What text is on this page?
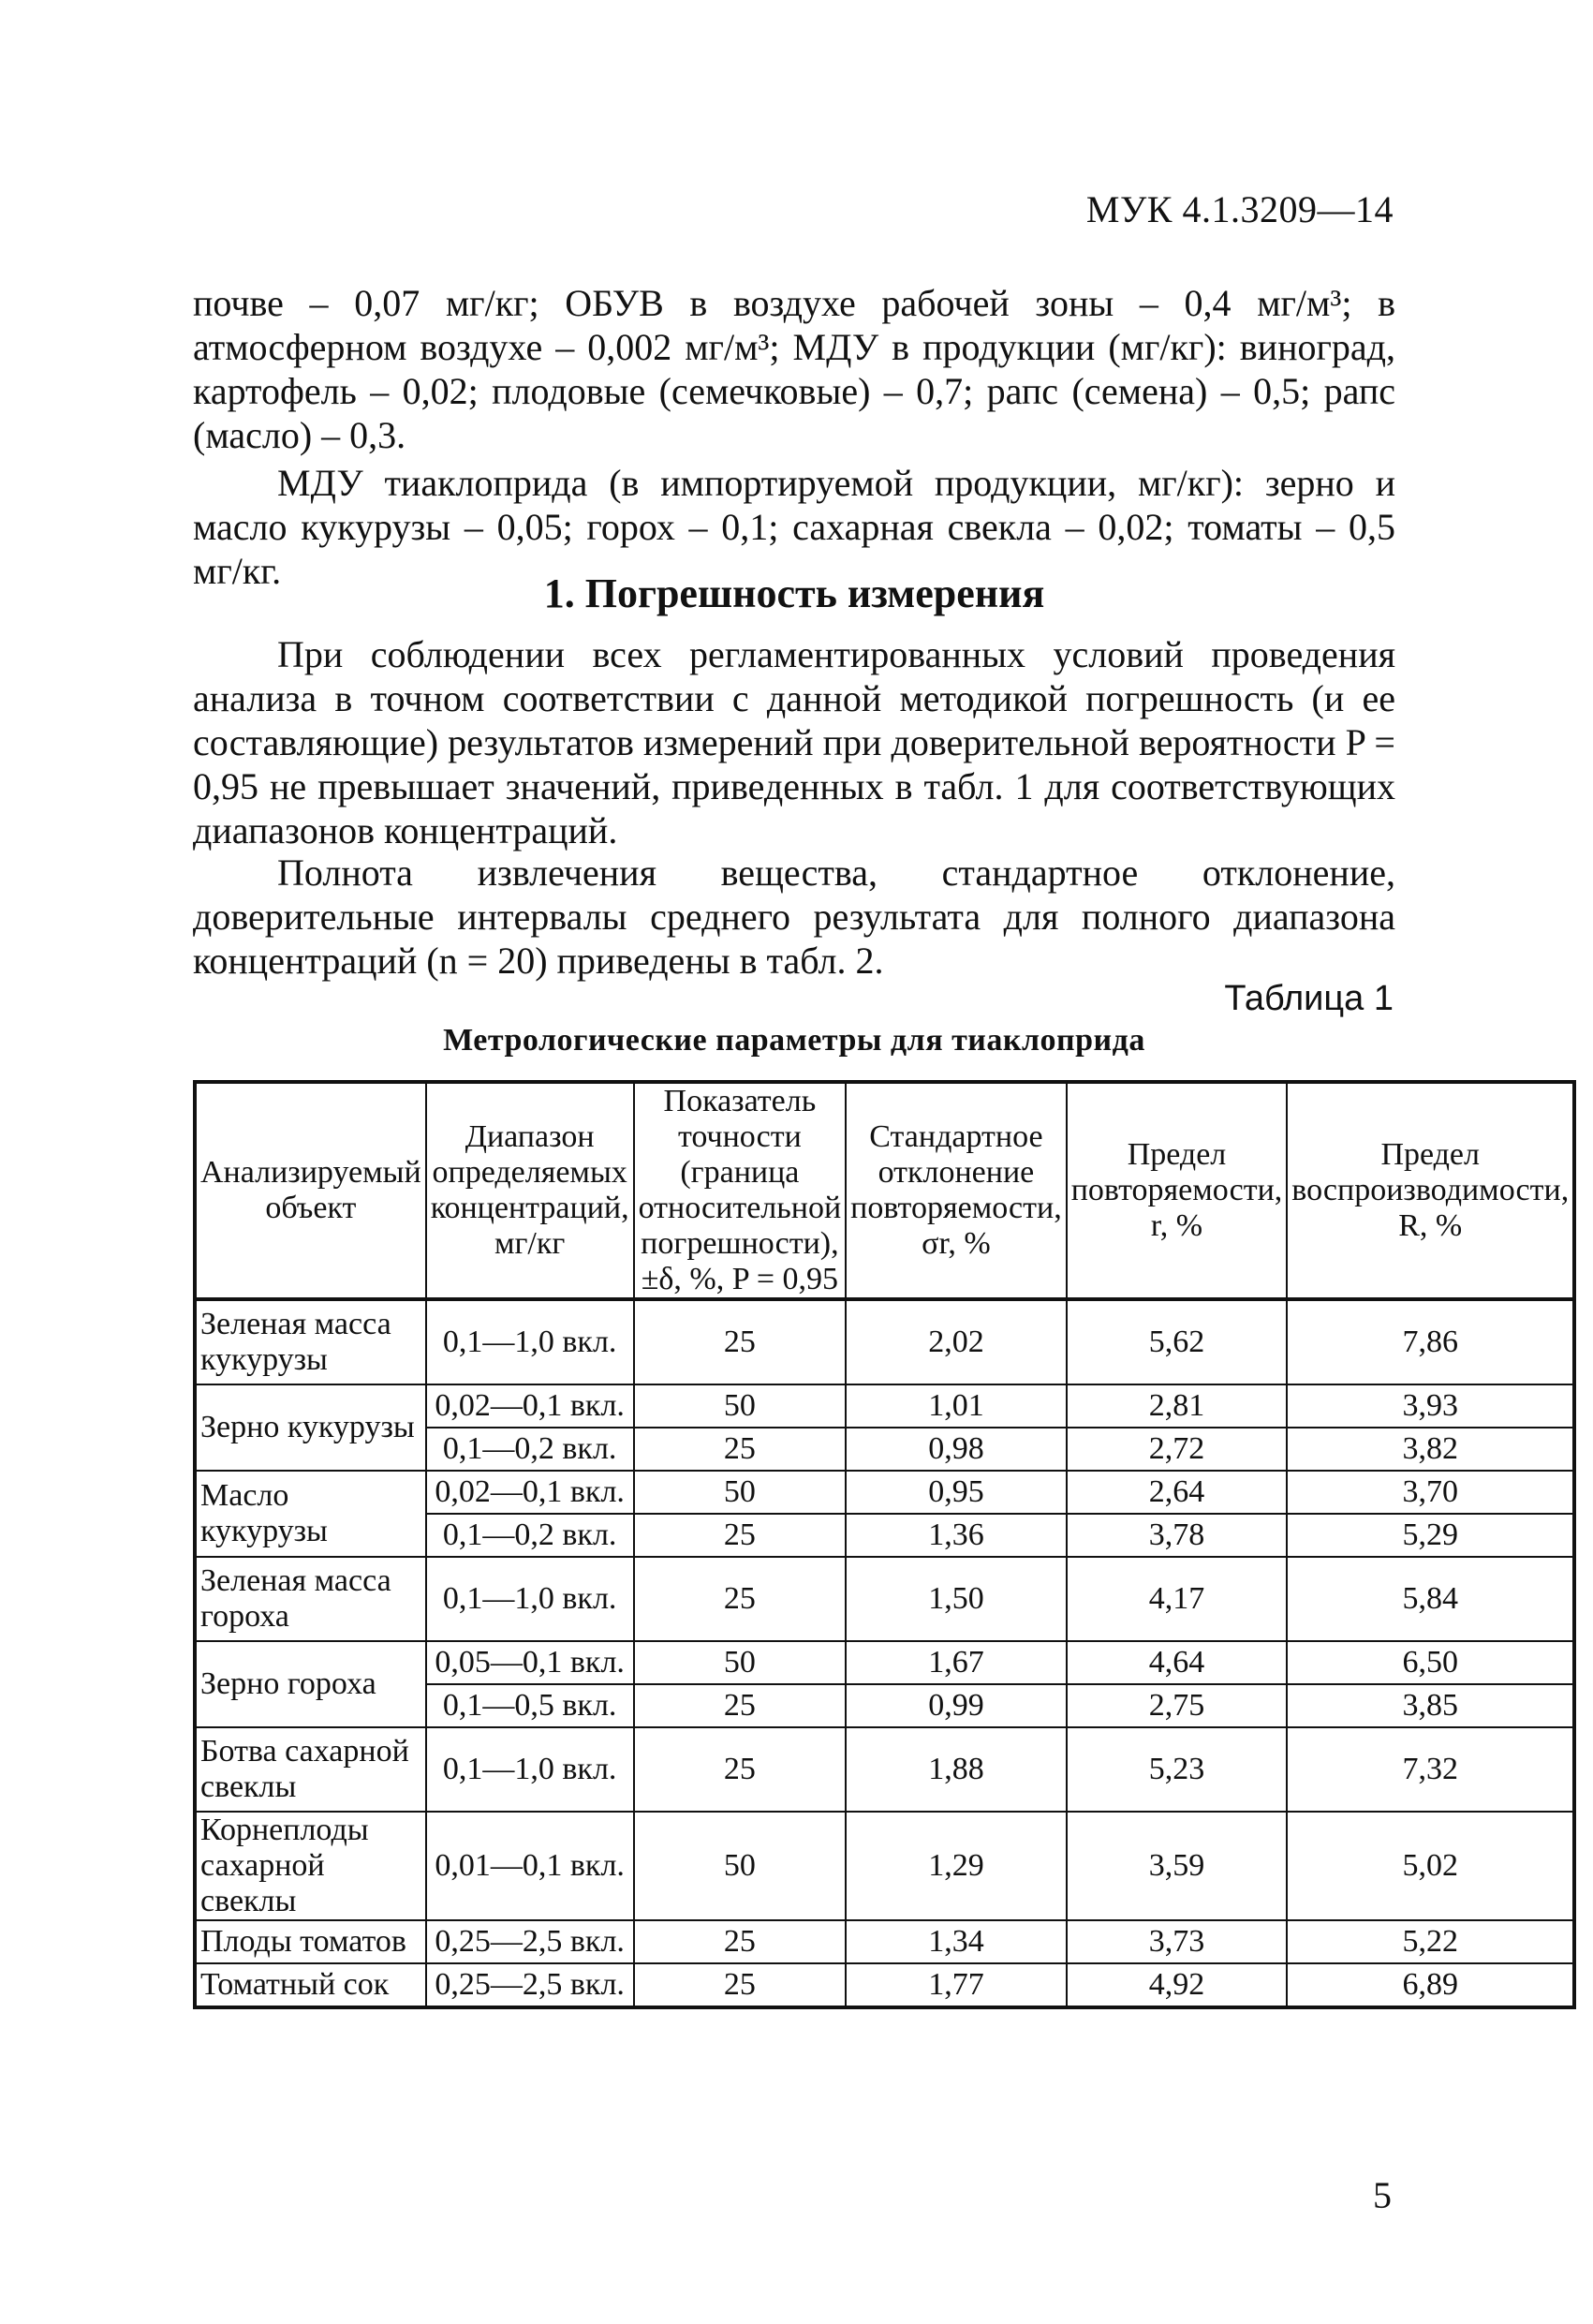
МУК 4.1.3209—14

почве – 0,07 мг/кг; ОБУВ в воздухе рабочей зоны – 0,4 мг/м³; в атмосферном воздухе – 0,002 мг/м³; МДУ в продукции (мг/кг): виноград, картофель – 0,02; плодовые (семечковые) – 0,7; рапс (семена) – 0,5; рапс (масло) – 0,3.

МДУ тиаклоприда (в импортируемой продукции, мг/кг): зерно и масло кукурузы – 0,05; горох – 0,1; сахарная свекла – 0,02; томаты – 0,5 мг/кг.	1. Погрешность измерения

При соблюдении всех регламентированных условий проведения анализа в точном соответствии с данной методикой погрешность (и ее составляющие) результатов измерений при доверительной вероятности P = 0,95 не превышает значений, приведенных в табл. 1 для соответствующих диапазонов концентраций.

Полнота извлечения вещества, стандартное отклонение, доверительные интервалы среднего результата для полного диапазона концентраций (n = 20) приведены в табл. 2.

Таблица 1
Метрологические параметры для тиаклоприда
Анализируемый объект	Диапазон определяемых концентраций, мг/кг	Показатель точности (граница относительной погрешности), ±δ, %, P = 0,95	Стандартное отклонение повторяемости, σr, %	Предел повторяемости, r, %	Предел воспроизводимости, R, %
Зеленая масса кукурузы	0,1—1,0 вкл.	25	2,02	5,62	7,86
Зерно кукурузы	0,02—0,1 вкл.	50	1,01	2,81	3,93
	0,1—0,2 вкл.	25	0,98	2,72	3,82
Масло кукурузы	0,02—0,1 вкл.	50	0,95	2,64	3,70
	0,1—0,2 вкл.	25	1,36	3,78	5,29
Зеленая масса гороха	0,1—1,0 вкл.	25	1,50	4,17	5,84
Зерно гороха	0,05—0,1 вкл.	50	1,67	4,64	6,50
	0,1—0,5 вкл.	25	0,99	2,75	3,85
Ботва сахарной свеклы	0,1—1,0 вкл.	25	1,88	5,23	7,32
Корнеплоды сахарной свеклы	0,01—0,1 вкл.	50	1,29	3,59	5,02
Плоды томатов	0,25—2,5 вкл.	25	1,34	3,73	5,22
Томатный сок	0,25—2,5 вкл.	25	1,77	4,92	6,89
5
